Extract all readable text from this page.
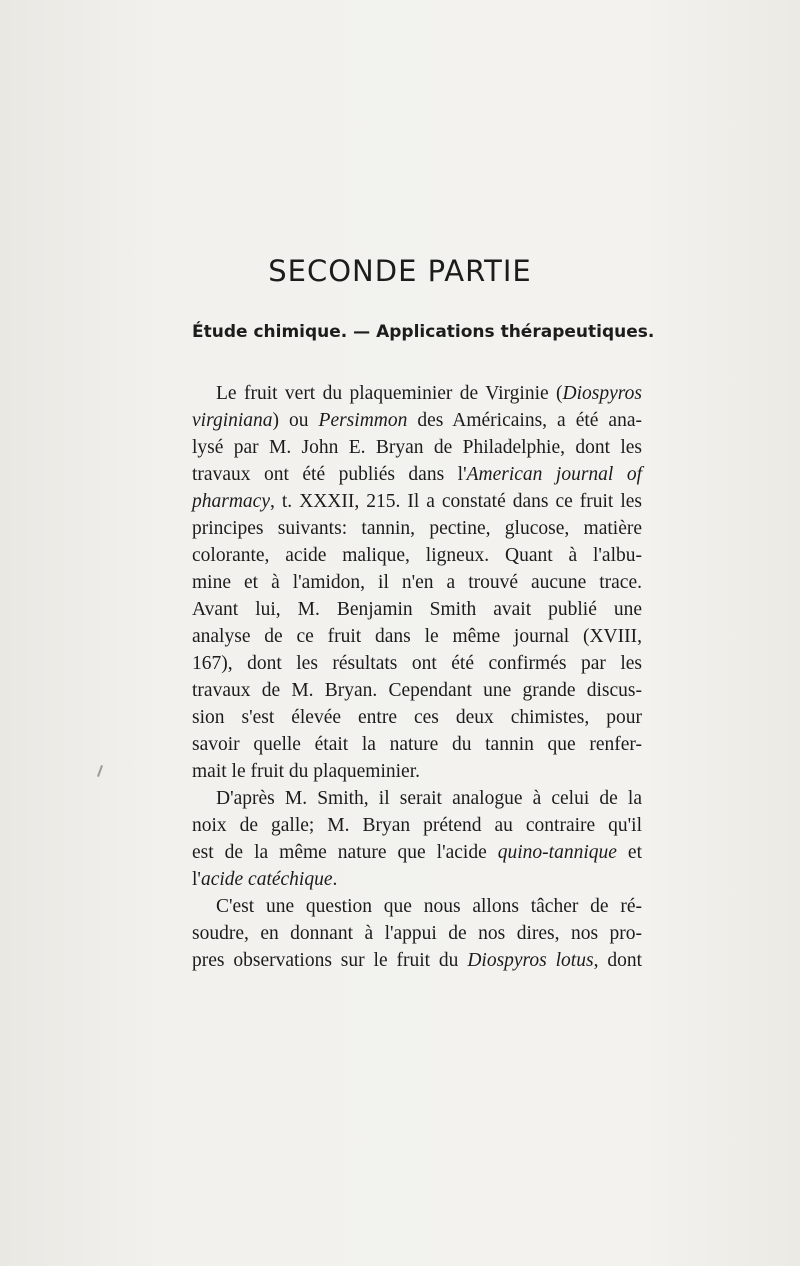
SECONDE PARTIE
Étude chimique. — Applications thérapeutiques.
Le fruit vert du plaqueminier de Virginie (Diospyros
virginiana) ou Persimmon des Américains, a été ana-
lysé par M. John E. Bryan de Philadelphie, dont les
travaux ont été publiés dans l'American journal of
pharmacy, t. XXXII, 215. Il a constaté dans ce fruit les
principes suivants: tannin, pectine, glucose, matière
colorante, acide malique, ligneux. Quant à l'albu-
mine et à l'amidon, il n'en a trouvé aucune trace.
Avant lui, M. Benjamin Smith avait publié une
analyse de ce fruit dans le même journal (XVIII,
167), dont les résultats ont été confirmés par les
travaux de M. Bryan. Cependant une grande discus-
sion s'est élevée entre ces deux chimistes, pour
savoir quelle était la nature du tannin que renfer-
mait le fruit du plaqueminier.
D'après M. Smith, il serait analogue à celui de la
noix de galle; M. Bryan prétend au contraire qu'il
est de la même nature que l'acide quino-tannique et
l'acide catéchique.
C'est une question que nous allons tâcher de ré-
soudre, en donnant à l'appui de nos dires, nos pro-
pres observations sur le fruit du Diospyros lotus, dont
